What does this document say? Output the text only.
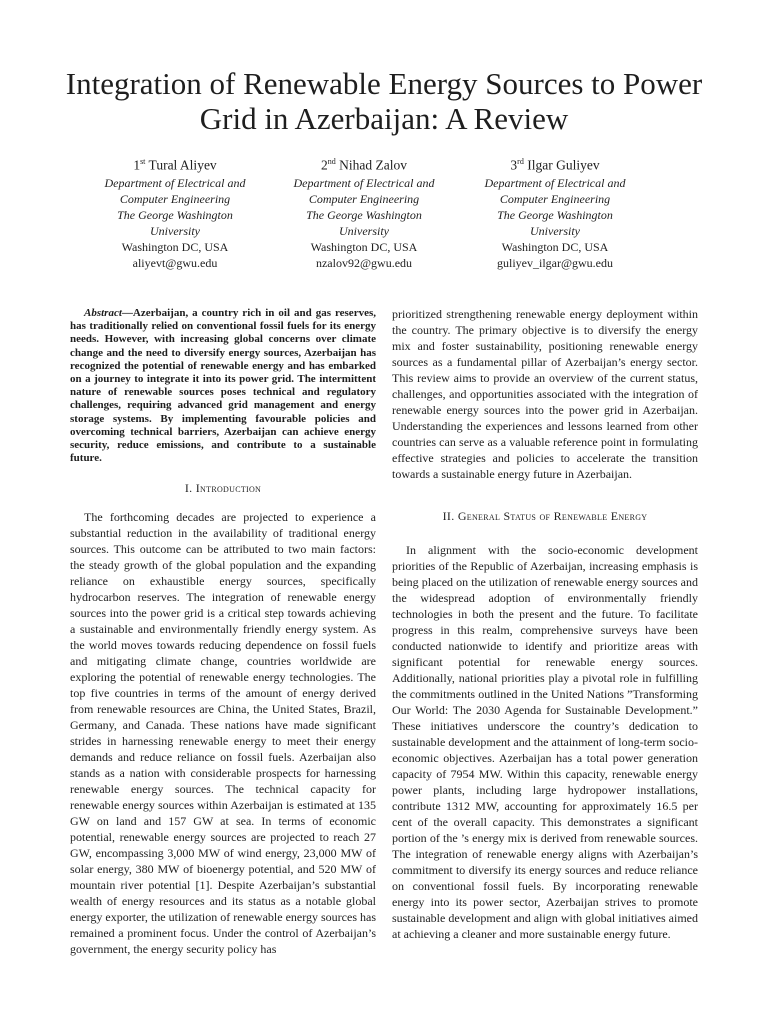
Integration of Renewable Energy Sources to Power Grid in Azerbaijan: A Review
1st Tural Aliyev
Department of Electrical and
Computer Engineering
The George Washington
University
Washington DC, USA
aliyevt@gwu.edu
2nd Nihad Zalov
Department of Electrical and
Computer Engineering
The George Washington
University
Washington DC, USA
nzalov92@gwu.edu
3rd Ilgar Guliyev
Department of Electrical and
Computer Engineering
The George Washington
University
Washington DC, USA
guliyev_ilgar@gwu.edu

Abstract—Azerbaijan, a country rich in oil and gas reserves, has traditionally relied on conventional fossil fuels for its energy needs. However, with increasing global concerns over climate change and the need to diversify energy sources, Azerbaijan has recognized the potential of renewable energy and has embarked on a journey to integrate it into its power grid. The intermittent nature of renewable sources poses technical and regulatory challenges, requiring advanced grid management and energy storage systems. By implementing favourable policies and overcoming technical barriers, Azerbaijan can achieve energy security, reduce emissions, and contribute to a sustainable future.

I. Introduction

The forthcoming decades are projected to experience a substantial reduction in the availability of traditional energy sources. This outcome can be attributed to two main factors: the steady growth of the global population and the expanding reliance on exhaustible energy sources, specifically hydrocarbon reserves. The integration of renewable energy sources into the power grid is a critical step towards achieving a sustainable and environmentally friendly energy system. As the world moves towards reducing dependence on fossil fuels and mitigating climate change, countries worldwide are exploring the potential of renewable energy technologies. The top five countries in terms of the amount of energy derived from renewable resources are China, the United States, Brazil, Germany, and Canada. These nations have made significant strides in harnessing renewable energy to meet their energy demands and reduce reliance on fossil fuels. Azerbaijan also stands as a nation with considerable prospects for harnessing renewable energy sources. The technical capacity for renewable energy sources within Azerbaijan is estimated at 135 GW on land and 157 GW at sea. In terms of economic potential, renewable energy sources are projected to reach 27 GW, encompassing 3,000 MW of wind energy, 23,000 MW of solar energy, 380 MW of bioenergy potential, and 520 MW of mountain river potential [1]. Despite Azerbaijan’s substantial wealth of energy resources and its status as a notable global energy exporter, the utilization of renewable energy sources has remained a prominent focus. Under the control of Azerbaijan’s government, the energy security policy has

prioritized strengthening renewable energy deployment within the country. The primary objective is to diversify the energy mix and foster sustainability, positioning renewable energy sources as a fundamental pillar of Azerbaijan’s energy sector. This review aims to provide an overview of the current status, challenges, and opportunities associated with the integration of renewable energy sources into the power grid in Azerbaijan. Understanding the experiences and lessons learned from other countries can serve as a valuable reference point in formulating effective strategies and policies to accelerate the transition towards a sustainable energy future in Azerbaijan.

II. General Status of Renewable Energy

In alignment with the socio-economic development priorities of the Republic of Azerbaijan, increasing emphasis is being placed on the utilization of renewable energy sources and the widespread adoption of environmentally friendly technologies in both the present and the future. To facilitate progress in this realm, comprehensive surveys have been conducted nationwide to identify and prioritize areas with significant potential for renewable energy sources. Additionally, national priorities play a pivotal role in fulfilling the commitments outlined in the United Nations ”Transforming Our World: The 2030 Agenda for Sustainable Development.” These initiatives underscore the country’s dedication to sustainable development and the attainment of long-term socio-economic objectives. Azerbaijan has a total power generation capacity of 7954 MW. Within this capacity, renewable energy power plants, including large hydropower installations, contribute 1312 MW, accounting for approximately 16.5 per cent of the overall capacity. This demonstrates a significant portion of the ’s energy mix is derived from renewable sources. The integration of renewable energy aligns with Azerbaijan’s commitment to diversify its energy sources and reduce reliance on conventional fossil fuels. By incorporating renewable energy into its power sector, Azerbaijan strives to promote sustainable development and align with global initiatives aimed at achieving a cleaner and more sustainable energy future.
